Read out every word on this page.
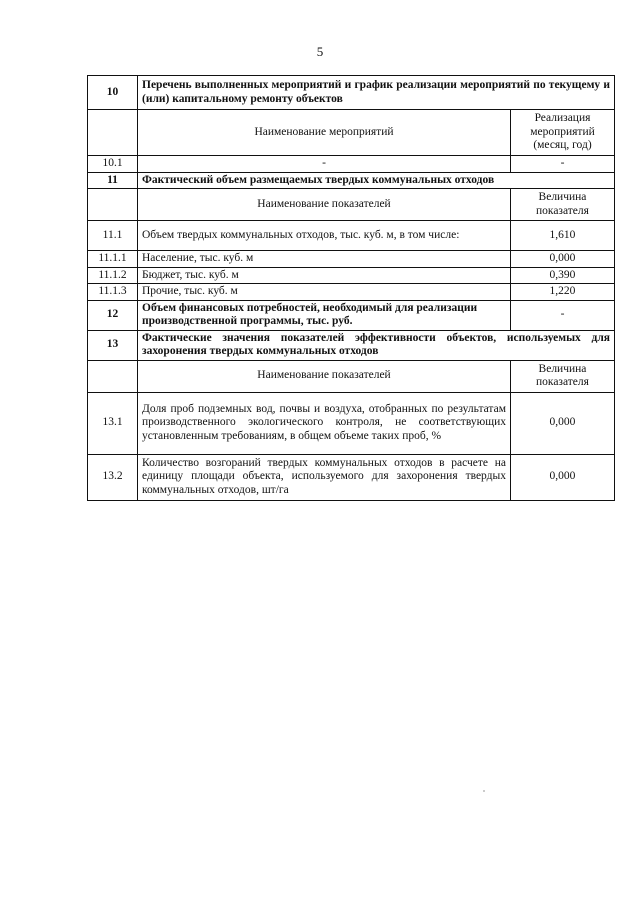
5
10	Перечень выполненных мероприятий и график реализации мероприятий по текущему и (или) капитальному ремонту объектов	
	Наименование мероприятий	Реализация мероприятий (месяц, год)
10.1	-	-
11	Фактический объем размещаемых твердых коммунальных отходов	
	Наименование показателей	Величина показателя
11.1	Объем твердых коммунальных отходов, тыс. куб. м, в том числе:	1,610
11.1.1	Население, тыс. куб. м	0,000
11.1.2	Бюджет, тыс. куб. м	0,390
11.1.3	Прочие, тыс. куб. м	1,220
12	Объем финансовых потребностей, необходимый для реализации производственной программы, тыс. руб.	-
13	Фактические значения показателей эффективности объектов, используемых для захоронения твердых коммунальных отходов	
	Наименование показателей	Величина показателя
13.1	Доля проб подземных вод, почвы и воздуха, отобранных по результатам производственного экологического контроля, не соответствующих установленным требованиям, в общем объеме таких проб, %	0,000
13.2	Количество возгораний твердых коммунальных отходов в расчете на единицу площади объекта, используемого для захоронения твердых коммунальных отходов, шт/га	0,000
